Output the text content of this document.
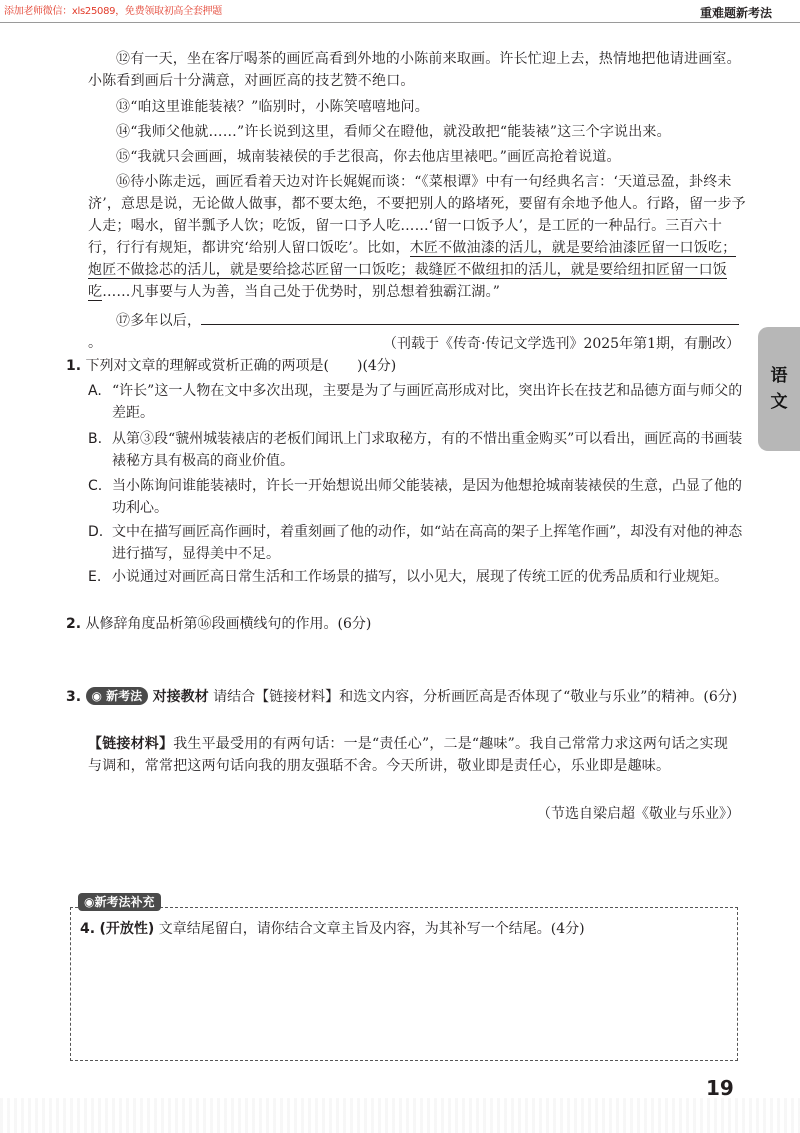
添加老师微信：xls25089，免费领取初高全套押题	重难题新考法
语
文
⑫有一天，坐在客厅喝茶的画匠高看到外地的小陈前来取画。许长忙迎上去，热情地把他请进画室。小陈看到画后十分满意，对画匠高的技艺赞不绝口。
⑬“咱这里谁能装裱？”临别时，小陈笑嘻嘻地问。
⑭“我师父他就……”许长说到这里，看师父在瞪他，就没敢把“能装裱”这三个字说出来。
⑮“我就只会画画，城南装裱侯的手艺很高，你去他店里裱吧。”画匠高抢着说道。
⑯待小陈走远，画匠看着天边对许长娓娓而谈：“《菜根谭》中有一句经典名言：‘天道忌盈，卦终未济’，意思是说，无论做人做事，都不要太绝，不要把别人的路堵死，要留有余地予他人。行路，留一步予人走；喝水，留半瓢予人饮；吃饭，留一口予人吃……‘留一口饭予人’，是工匠的一种品行。三百六十行，行行有规矩，都讲究‘给别人留口饭吃’。比如，木匠不做油漆的活儿，就是要给油漆匠留一口饭吃；炮匠不做捻芯的活儿，就是要给捻芯匠留一口饭吃；裁缝匠不做纽扣的活儿，就是要给纽扣匠留一口饭吃……凡事要与人为善，当自己处于优势时，别总想着独霸江湖。”
⑰多年以后，。	（刊载于《传奇·传记文学选刊》2025年第1期，有删改）
1. 下列对文章的理解或赏析正确的两项是(　　)(4分)
A. “许长”这一人物在文中多次出现，主要是为了与画匠高形成对比，突出许长在技艺和品德方面与师父的差距。
B. 从第③段“虢州城装裱店的老板们闻讯上门求取秘方，有的不惜出重金购买”可以看出，画匠高的书画装裱秘方具有极高的商业价值。
C. 当小陈询问谁能装裱时，许长一开始想说出师父能装裱，是因为他想抢城南装裱侯的生意，凸显了他的功利心。
D. 文中在描写画匠高作画时，着重刻画了他的动作，如“站在高高的架子上挥笔作画”，却没有对他的神态进行描写，显得美中不足。
E. 小说通过对画匠高日常生活和工作场景的描写，以小见大，展现了传统工匠的优秀品质和行业规矩。
2. 从修辞角度品析第⑯段画横线句的作用。(6分)
3. ◉ 新考法 对接教材 请结合【链接材料】和选文内容，分析画匠高是否体现了“敬业与乐业”的精神。(6分)
【链接材料】我生平最受用的有两句话：一是“责任心”，二是“趣味”。我自己常常力求这两句话之实现与调和，常常把这两句话向我的朋友强聒不舍。今天所讲，敬业即是责任心，乐业即是趣味。
（节选自梁启超《敬业与乐业》）
◉新考法补充
4. (开放性) 文章结尾留白，请你结合文章主旨及内容，为其补写一个结尾。(4分)
19
